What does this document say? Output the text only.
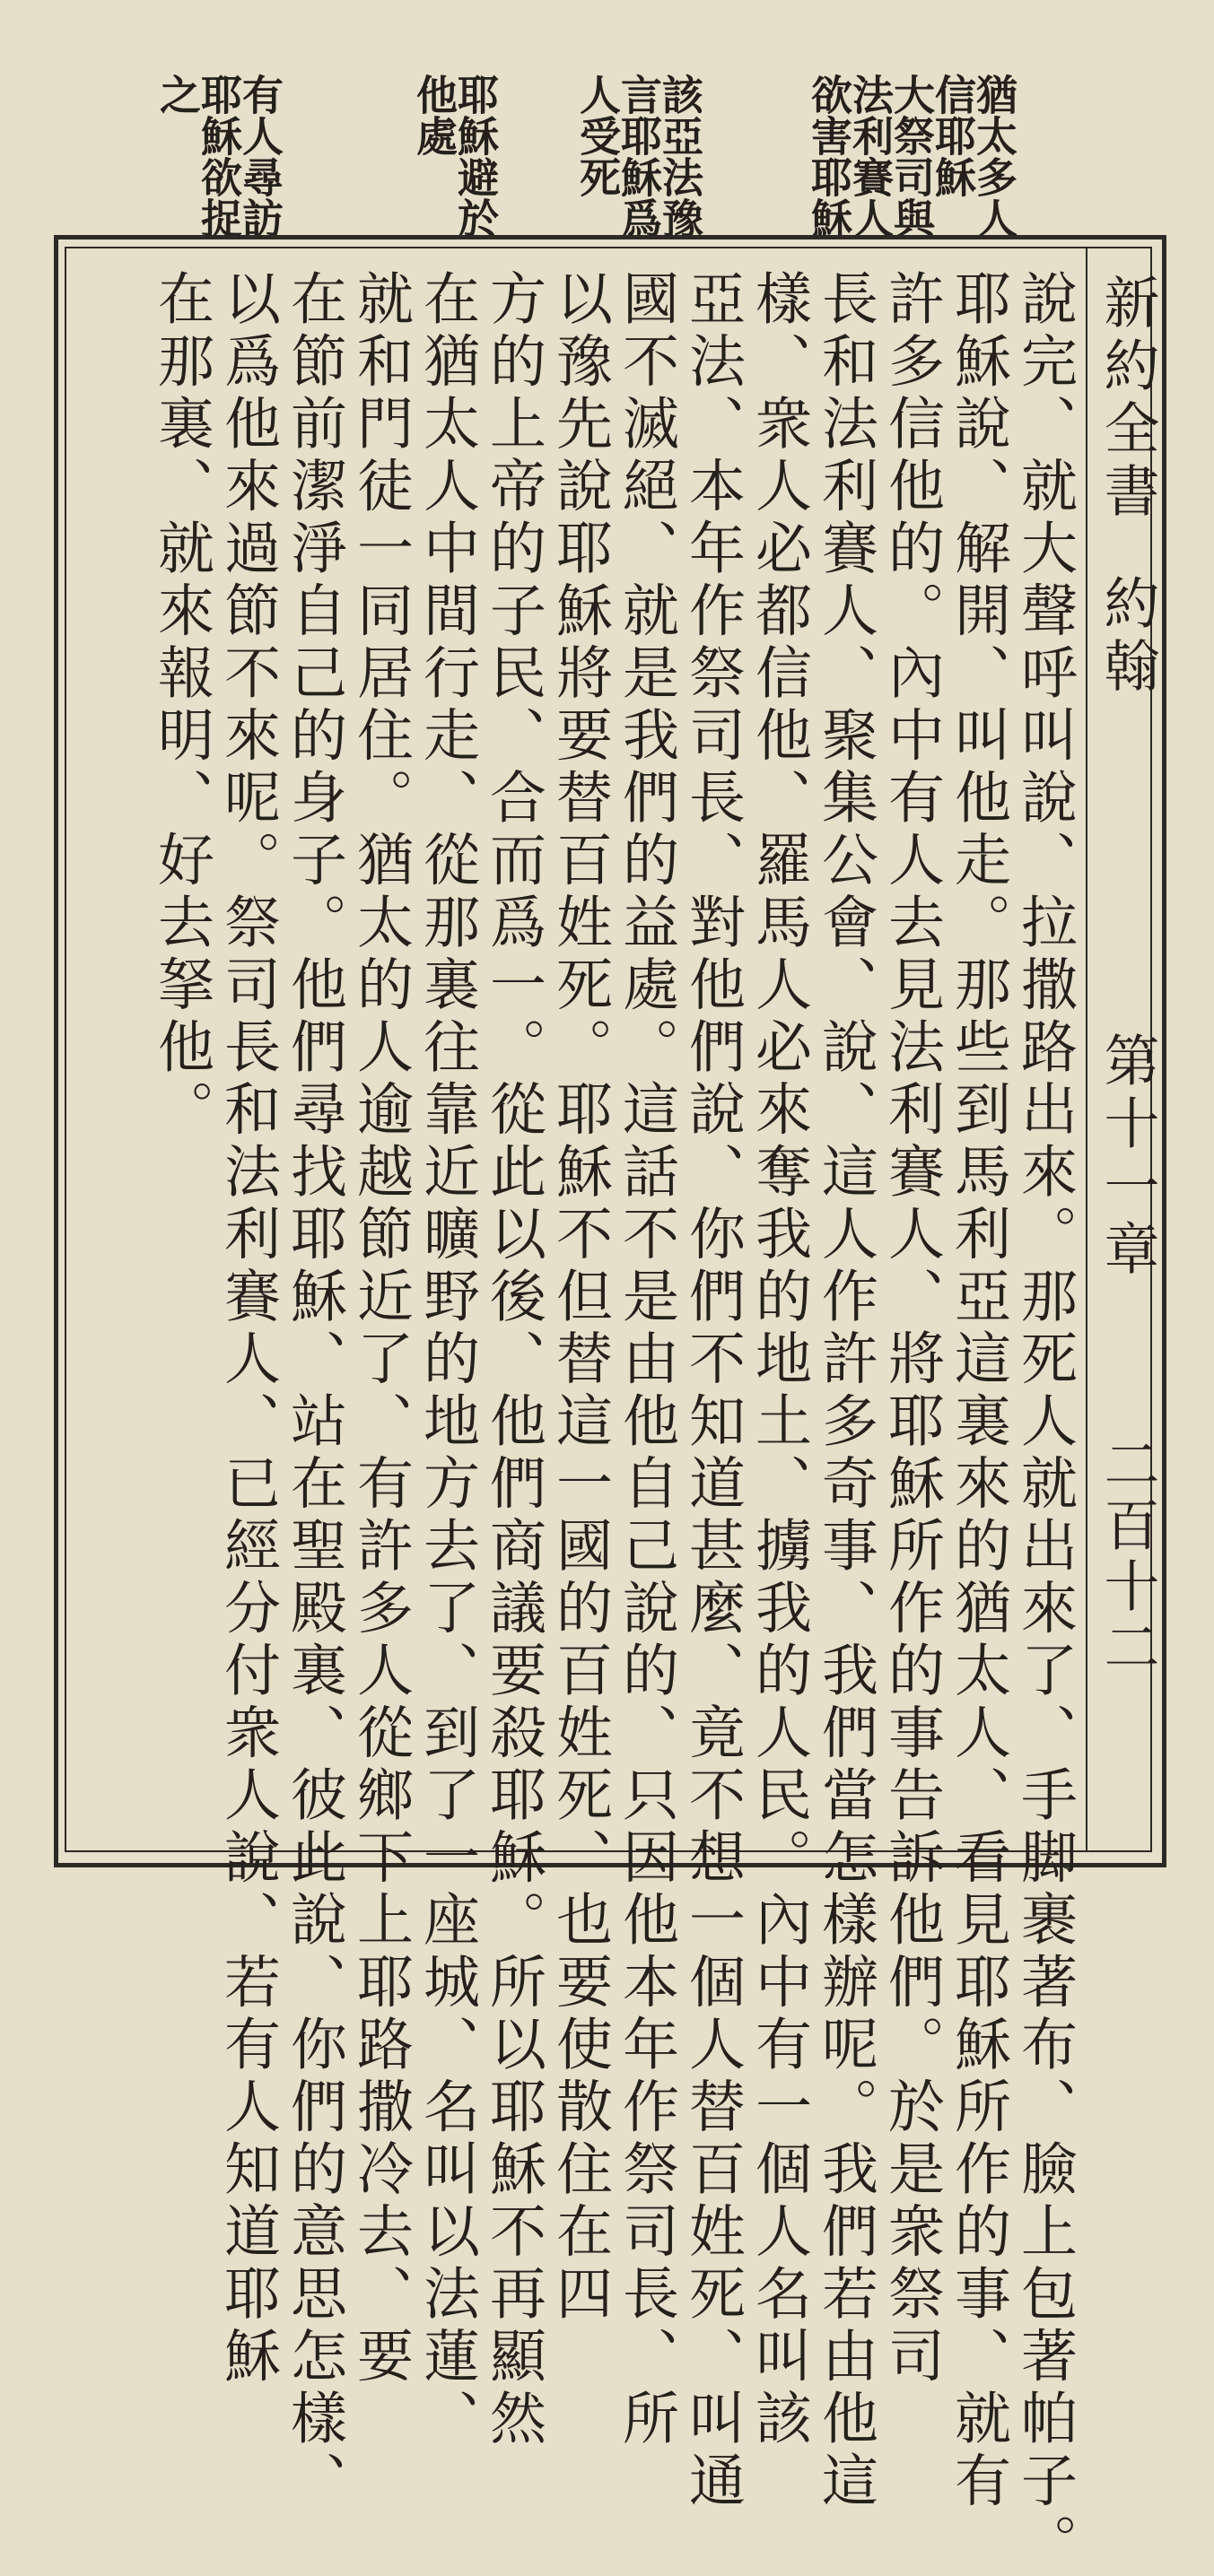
猶太多人
信耶穌
大祭司與
法利賽人
欲害耶穌
該亞法豫
言耶穌爲
人受死
耶穌避於
他處
有人尋訪
耶穌欲捉
之
新約全書
約翰
第十一章
二百十二
說完、就大聲呼叫說、拉撒路出來。那死人就出來了、手脚裹著布、臉上包著帕子。
耶穌說、解開、叫他走。那些到馬利亞這裏來的猶太人、看見耶穌所作的事、就有
許多信他的。內中有人去見法利賽人、將耶穌所作的事告訴他們。於是衆祭司
長和法利賽人、聚集公會、說、這人作許多奇事、我們當怎樣辦呢。我們若由他這
樣、衆人必都信他、羅馬人必來奪我的地土、擄我的人民。內中有一個人名叫該
亞法、本年作祭司長、對他們說、你們不知道甚麼、竟不想一個人替百姓死、叫通
國不滅絕、就是我們的益處。這話不是由他自己說的、只因他本年作祭司長、所
以豫先說耶穌將要替百姓死。耶穌不但替這一國的百姓死、也要使散住在四
方的上帝的子民、合而爲一。從此以後、他們商議要殺耶穌。所以耶穌不再顯然
在猶太人中間行走、從那裏往靠近曠野的地方去了、到了一座城、名叫以法蓮、
就和門徒一同居住。猶太的人逾越節近了、有許多人從鄉下上耶路撒冷去、要
在節前潔淨自己的身子。他們尋找耶穌、站在聖殿裏、彼此說、你們的意思怎樣、
以爲他來過節不來呢。祭司長和法利賽人、已經分付衆人說、若有人知道耶穌
在那裏、就來報明、好去拏他。
